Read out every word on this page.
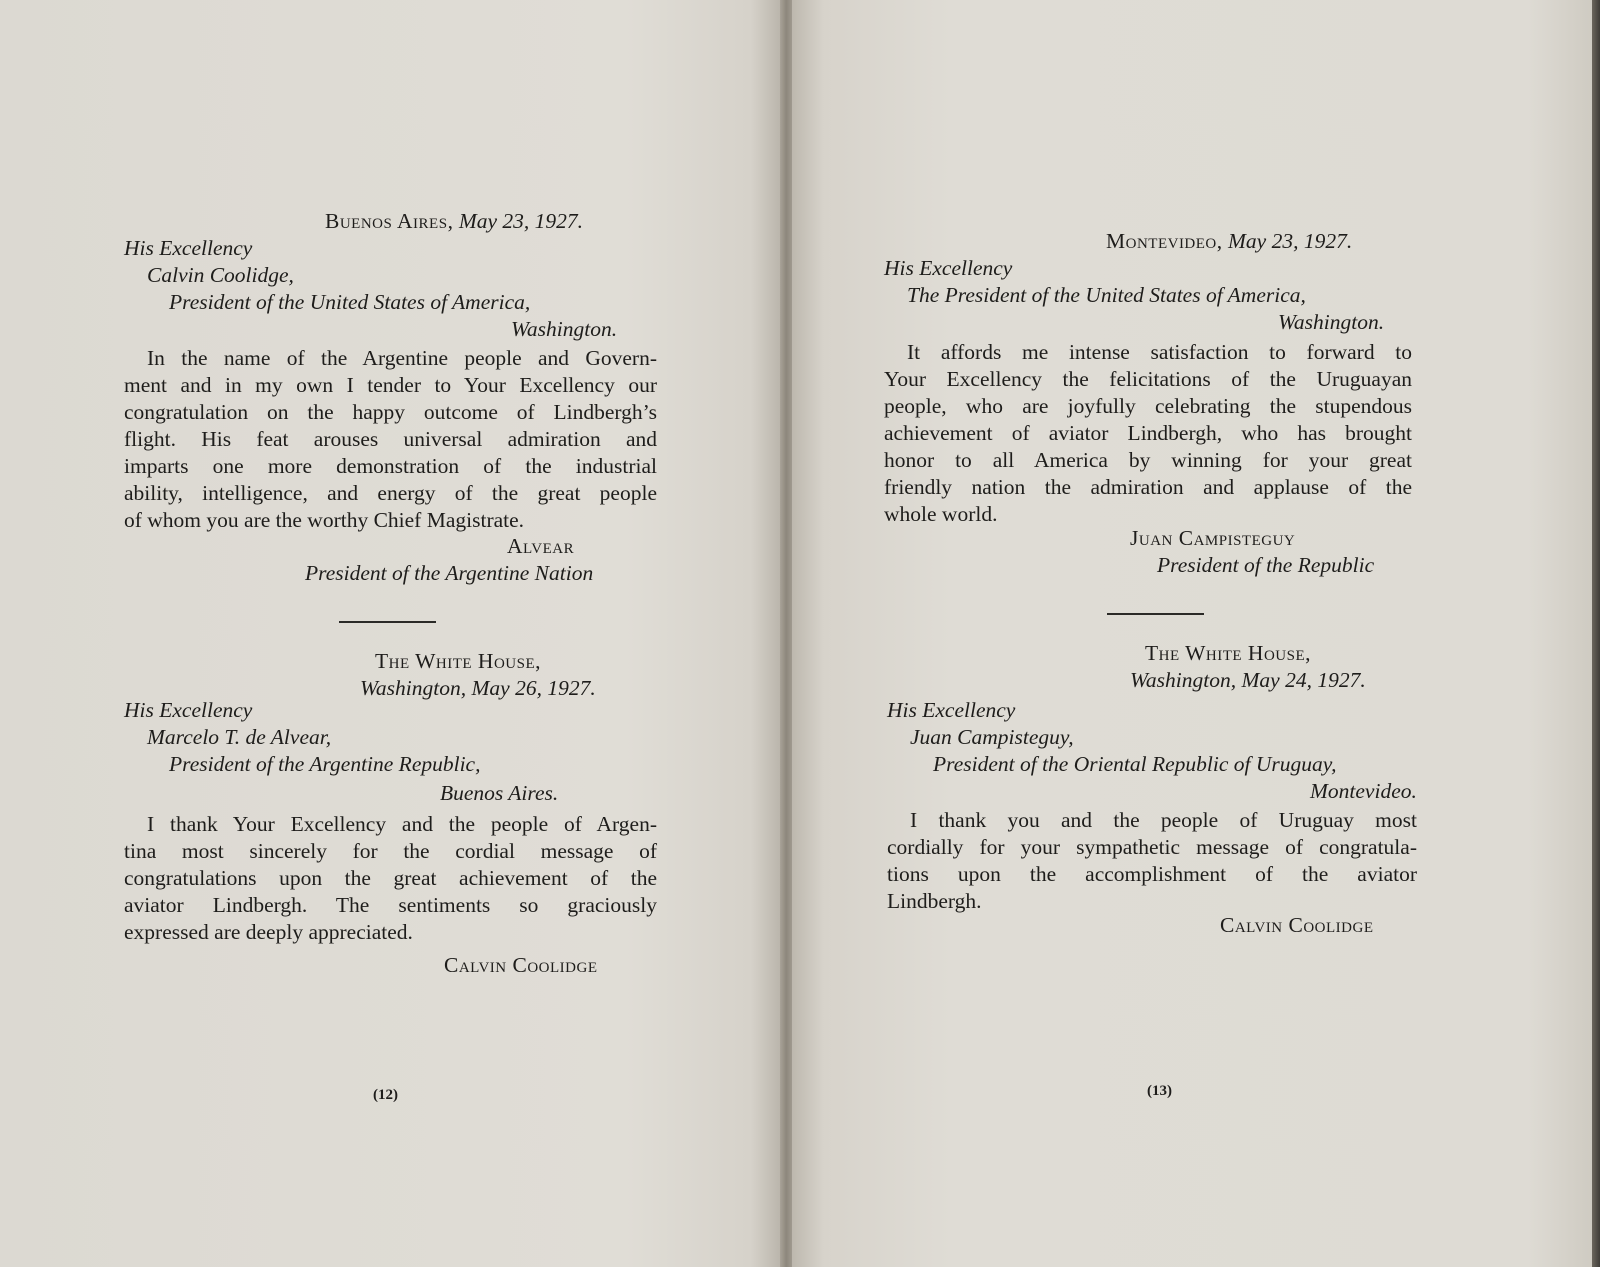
Buenos Aires, May 23, 1927.
His Excellency
Calvin Coolidge,
President of the United States of America,
Washington.
In the name of the Argentine people and Govern-
ment and in my own I tender to Your Excellency our
congratulation on the happy outcome of Lindbergh’s
flight. His feat arouses universal admiration and
imparts one more demonstration of the industrial
ability, intelligence, and energy of the great people
of whom you are the worthy Chief Magistrate.
Alvear
President of the Argentine Nation
The White House,
Washington, May 26, 1927.
His Excellency
Marcelo T. de Alvear,
President of the Argentine Republic,
Buenos Aires.
I thank Your Excellency and the people of Argen-
tina most sincerely for the cordial message of
congratulations upon the great achievement of the
aviator Lindbergh. The sentiments so graciously
expressed are deeply appreciated.
Calvin Coolidge
(12)
Montevideo, May 23, 1927.
His Excellency
The President of the United States of America,
Washington.
It affords me intense satisfaction to forward to
Your Excellency the felicitations of the Uruguayan
people, who are joyfully celebrating the stupendous
achievement of aviator Lindbergh, who has brought
honor to all America by winning for your great
friendly nation the admiration and applause of the
whole world.
Juan Campisteguy
President of the Republic
The White House,
Washington, May 24, 1927.
His Excellency
Juan Campisteguy,
President of the Oriental Republic of Uruguay,
Montevideo.
I thank you and the people of Uruguay most
cordially for your sympathetic message of congratula-
tions upon the accomplishment of the aviator
Lindbergh.
Calvin Coolidge
(13)
